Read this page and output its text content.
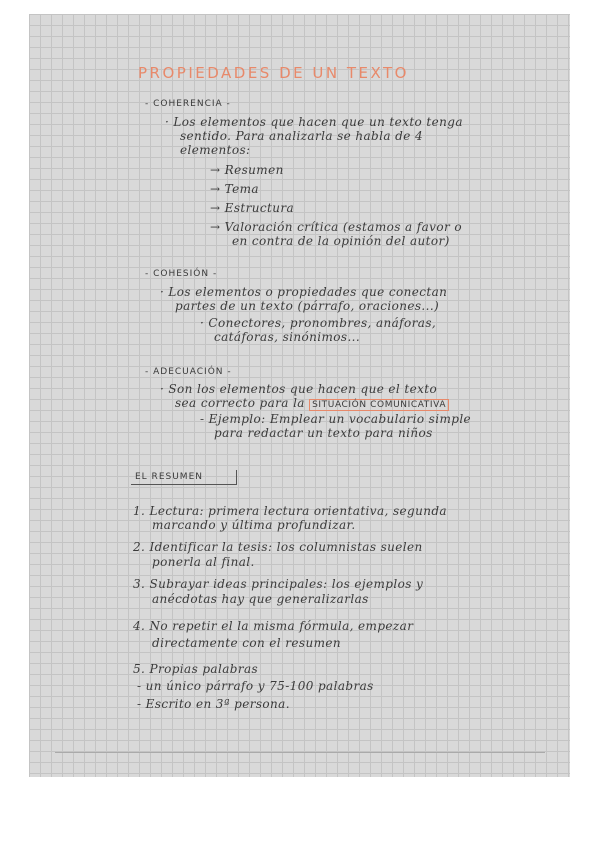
PROPIEDADES DE UN TEXTO
- COHERENCIA -
· Los elementos que hacen que un texto tenga
sentido. Para analizarla se habla de 4
elementos:
→ Resumen
→ Tema
→ Estructura
→ Valoración crítica (estamos a favor o
en contra de la opinión del autor)
- COHESIÓN -
· Los elementos o propiedades que conectan
partes de un texto (párrafo, oraciones...)
· Conectores, pronombres, anáforas,
catáforas, sinónimos...
- ADECUACIÓN -
· Son los elementos que hacen que el texto
sea correcto para la SITUACIÓN COMUNICATIVA
- Ejemplo: Emplear un vocabulario simple
para redactar un texto para niños
EL RESUMEN
1. Lectura: primera lectura orientativa, segunda
marcando y última profundizar.
2. Identificar la tesis: los columnistas suelen
ponerla al final.
3. Subrayar ideas principales: los ejemplos y
anécdotas hay que generalizarlas
4. No repetir el la misma fórmula, empezar
directamente con el resumen
5. Propias palabras
- un único párrafo y 75-100 palabras
- Escrito en 3ª persona.
